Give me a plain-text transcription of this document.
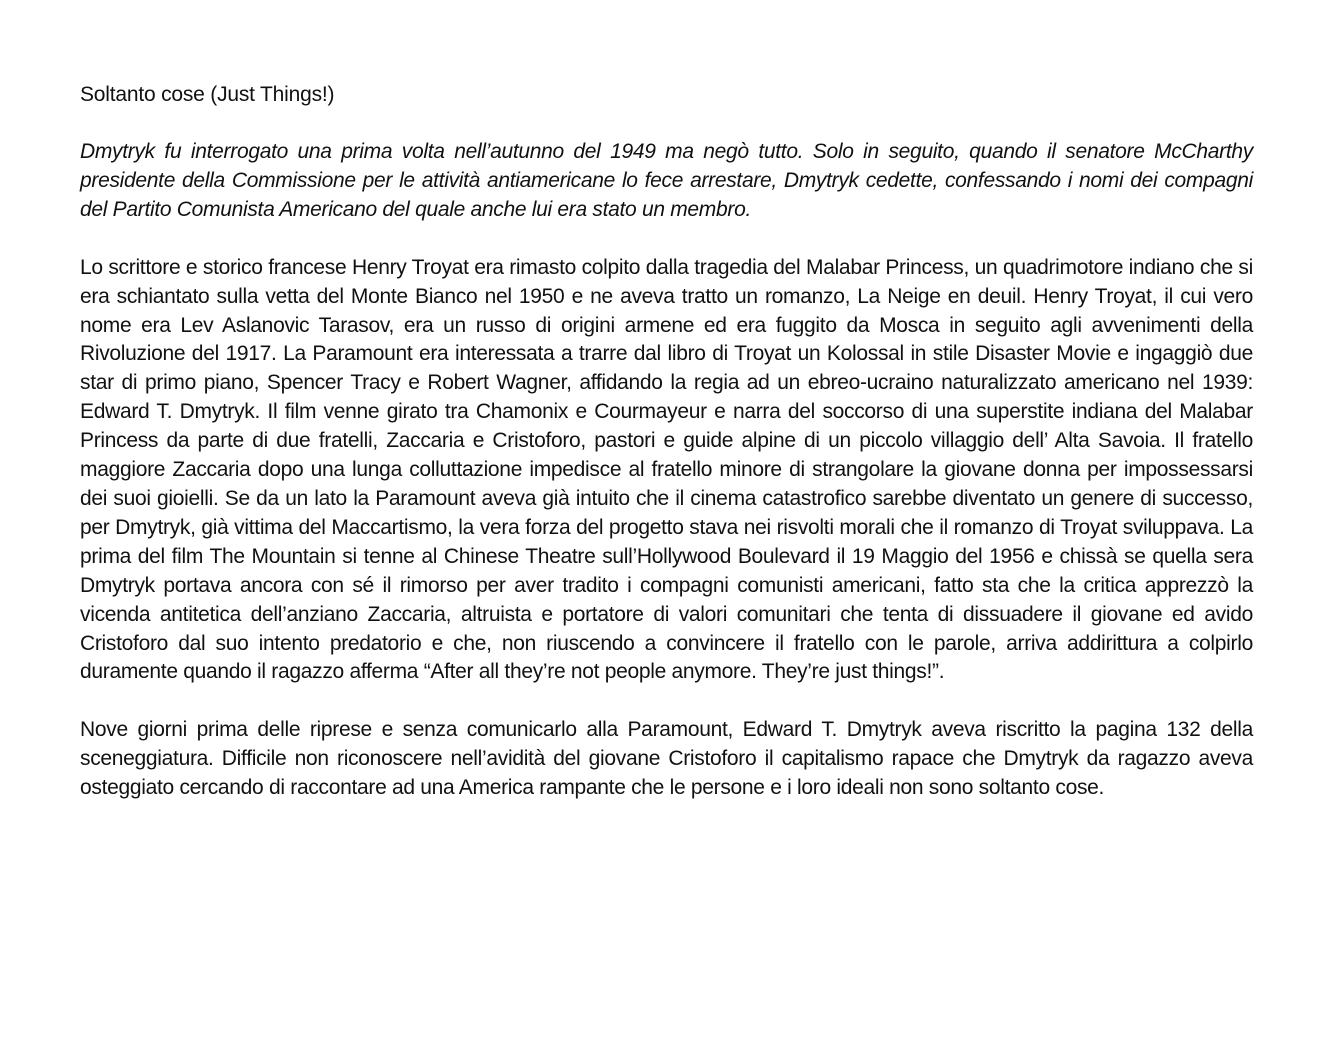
Soltanto cose (Just Things!)

Dmytryk fu interrogato una prima volta nell’autunno del 1949 ma negò tutto. Solo in seguito, quando il senatore McCharthy presidente della Commissione per le attività antiamericane lo fece arrestare, Dmytryk cedette, confessando i nomi dei compagni del Partito Comunista Americano del quale anche lui era stato un membro.

Lo scrittore e storico francese Henry Troyat era rimasto colpito dalla tragedia del Malabar Princess, un quadrimotore indiano che si era schiantato sulla vetta del Monte Bianco nel 1950 e ne aveva tratto un romanzo, La Neige en deuil. Henry Troyat, il cui vero nome era Lev Aslanovic Tarasov, era un russo di origini armene ed era fuggito da Mosca in seguito agli avvenimenti della Rivoluzione del 1917. La Paramount era interessata a trarre dal libro di Troyat un Kolossal in stile Disaster Movie e ingaggiò due star di primo piano, Spencer Tracy e Robert Wagner, affidando la regia ad un ebreo-ucraino naturalizzato americano nel 1939: Edward T. Dmytryk. Il film venne girato tra Chamonix e Courmayeur e narra del soccorso di una superstite indiana del Malabar Princess da parte di due fratelli, Zaccaria e Cristoforo, pastori e guide alpine di un piccolo villaggio dell’ Alta Savoia. Il fratello maggiore Zaccaria dopo una lunga colluttazione impedisce al fratello minore di strangolare la giovane donna per impossessarsi dei suoi gioielli. Se da un lato la Paramount aveva già intuito che il cinema catastrofico sarebbe diventato un genere di successo, per Dmytryk, già vittima del Maccartismo, la vera forza del progetto stava nei risvolti morali che il romanzo di Troyat sviluppava. La prima del film The Mountain si tenne al Chinese Theatre sull’Hollywood Boulevard il 19 Maggio del 1956 e chissà se quella sera Dmytryk portava ancora con sé il rimorso per aver tradito i compagni comunisti americani, fatto sta che la critica apprezzò la vicenda antitetica dell’anziano Zaccaria, altruista e portatore di valori comunitari che tenta di dissuadere il giovane ed avido Cristoforo dal suo intento predatorio e che, non riuscendo a convincere il fratello con le parole, arriva addirittura a colpirlo duramente quando il ragazzo afferma “After all they’re not people anymore. They’re just things!”.

Nove giorni prima delle riprese e senza comunicarlo alla Paramount, Edward T. Dmytryk aveva riscritto la pagina 132 della sceneggiatura. Difficile non riconoscere nell’avidità del giovane Cristoforo il capitalismo rapace che Dmytryk da ragazzo aveva osteggiato cercando di raccontare ad una America rampante che le persone e i loro ideali non sono soltanto cose.
